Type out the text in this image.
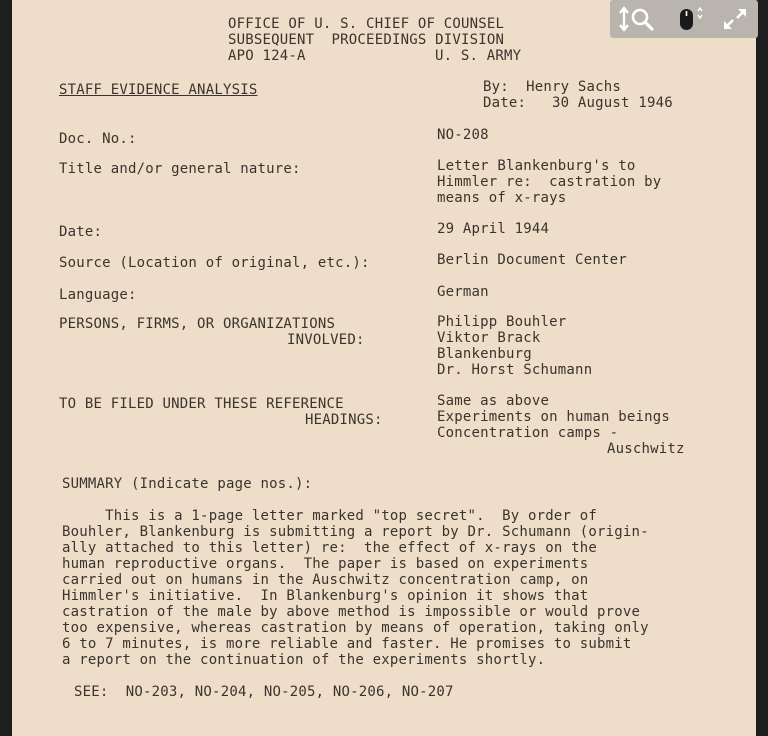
OFFICE OF U. S. CHIEF OF COUNSEL
SUBSEQUENT  PROCEEDINGS DIVISION
APO 124-A	U. S. ARMY
STAFF EVIDENCE ANALYSIS	By:  Henry Sachs
Date:   30 August 1946
Doc. No.:	NO-208
Title and/or general nature:	Letter Blankenburg's to
Himmler re:  castration by
means of x-rays
Date:	29 April 1944
Source (Location of original, etc.):	Berlin Document Center
Language:	German
PERSONS, FIRMS, OR ORGANIZATIONS
INVOLVED:
Philipp Bouhler
Viktor Brack
Blankenburg
Dr. Horst Schumann
TO BE FILED UNDER THESE REFERENCE
HEADINGS:
Same as above
Experiments on human beings
Concentration camps -
Auschwitz
SUMMARY (Indicate page nos.):
This is a 1-page letter marked "top secret".  By order of
Bouhler, Blankenburg is submitting a report by Dr. Schumann (origin-
ally attached to this letter) re:  the effect of x-rays on the
human reproductive organs.  The paper is based on experiments
carried out on humans in the Auschwitz concentration camp, on
Himmler's initiative.  In Blankenburg's opinion it shows that
castration of the male by above method is impossible or would prove
too expensive, whereas castration by means of operation, taking only
6 to 7 minutes, is more reliable and faster. He promises to submit
a report on the continuation of the experiments shortly.
SEE:  NO-203, NO-204, NO-205, NO-206, NO-207
